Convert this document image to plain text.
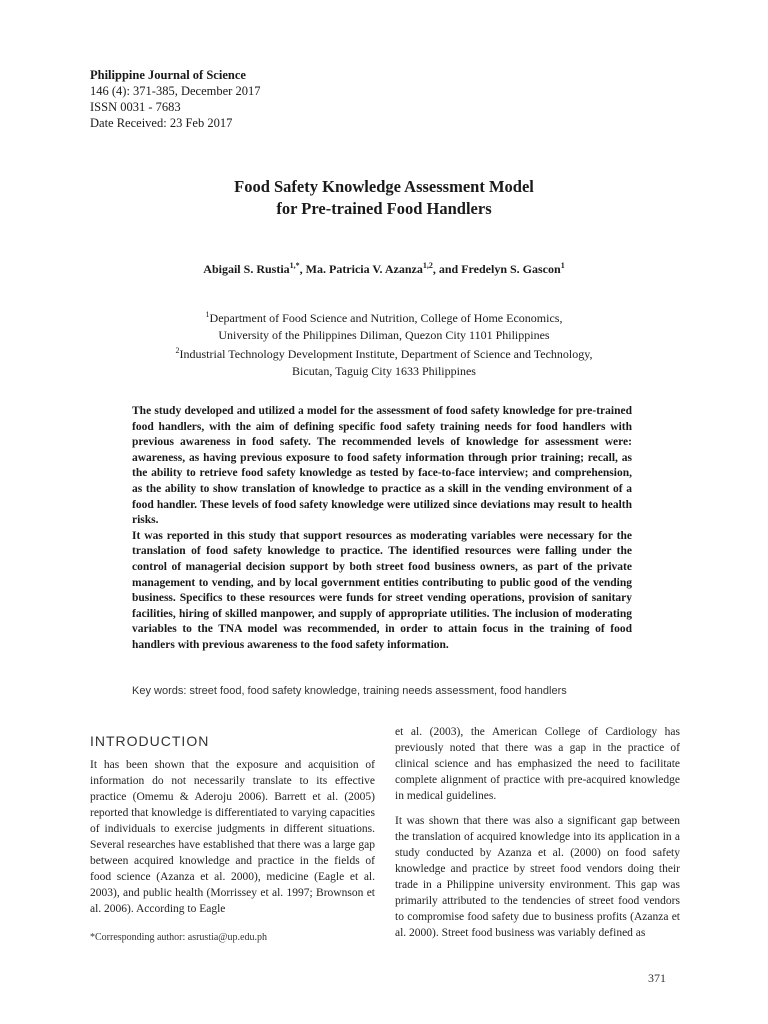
Philippine Journal of Science
146 (4): 371-385, December 2017
ISSN 0031 - 7683
Date Received: 23 Feb 2017
Food Safety Knowledge Assessment Model
for Pre-trained Food Handlers
Abigail S. Rustia$^{1,*}$, Ma. Patricia V. Azanza$^{1,2}$, and Fredelyn S. Gascon$^1$
$^1$Department of Food Science and Nutrition, College of Home Economics,
University of the Philippines Diliman, Quezon City 1101 Philippines
$^2$Industrial Technology Development Institute, Department of Science and Technology,
Bicutan, Taguig City 1633 Philippines

The study developed and utilized a model for the assessment of food safety knowledge for pre-trained food handlers, with the aim of defining specific food safety training needs for food handlers with previous awareness in food safety. The recommended levels of knowledge for assessment were: awareness, as having previous exposure to food safety information through prior training; recall, as the ability to retrieve food safety knowledge as tested by face-to-face interview; and comprehension, as the ability to show translation of knowledge to practice as a skill in the vending environment of a food handler. These levels of food safety knowledge were utilized since deviations may result to health risks.

It was reported in this study that support resources as moderating variables were necessary for the translation of food safety knowledge to practice. The identified resources were falling under the control of managerial decision support by both street food business owners, as part of the private management to vending, and by local government entities contributing to public good of the vending business. Specifics to these resources were funds for street vending operations, provision of sanitary facilities, hiring of skilled manpower, and supply of appropriate utilities. The inclusion of moderating variables to the TNA model was recommended, in order to attain focus in the training of food handlers with previous awareness to the food safety information.

Key words: street food, food safety knowledge, training needs assessment, food handlers
INTRODUCTION

It has been shown that the exposure and acquisition of information do not necessarily translate to its effective practice (Omemu & Aderoju 2006). Barrett et al. (2005) reported that knowledge is differentiated to varying capacities of individuals to exercise judgments in different situations. Several researches have established that there was a large gap between acquired knowledge and practice in the fields of food science (Azanza et al. 2000), medicine (Eagle et al. 2003), and public health (Morrissey et al. 1997; Brownson et al. 2006). According to Eagle

et al. (2003), the American College of Cardiology has previously noted that there was a gap in the practice of clinical science and has emphasized the need to facilitate complete alignment of practice with pre-acquired knowledge in medical guidelines.

It was shown that there was also a significant gap between the translation of acquired knowledge into its application in a study conducted by Azanza et al. (2000) on food safety knowledge and practice by street food vendors doing their trade in a Philippine university environment. This gap was primarily attributed to the tendencies of street food vendors to compromise food safety due to business profits (Azanza et al. 2000). Street food business was variably defined as

*Corresponding author: asrustia@up.edu.ph
371
